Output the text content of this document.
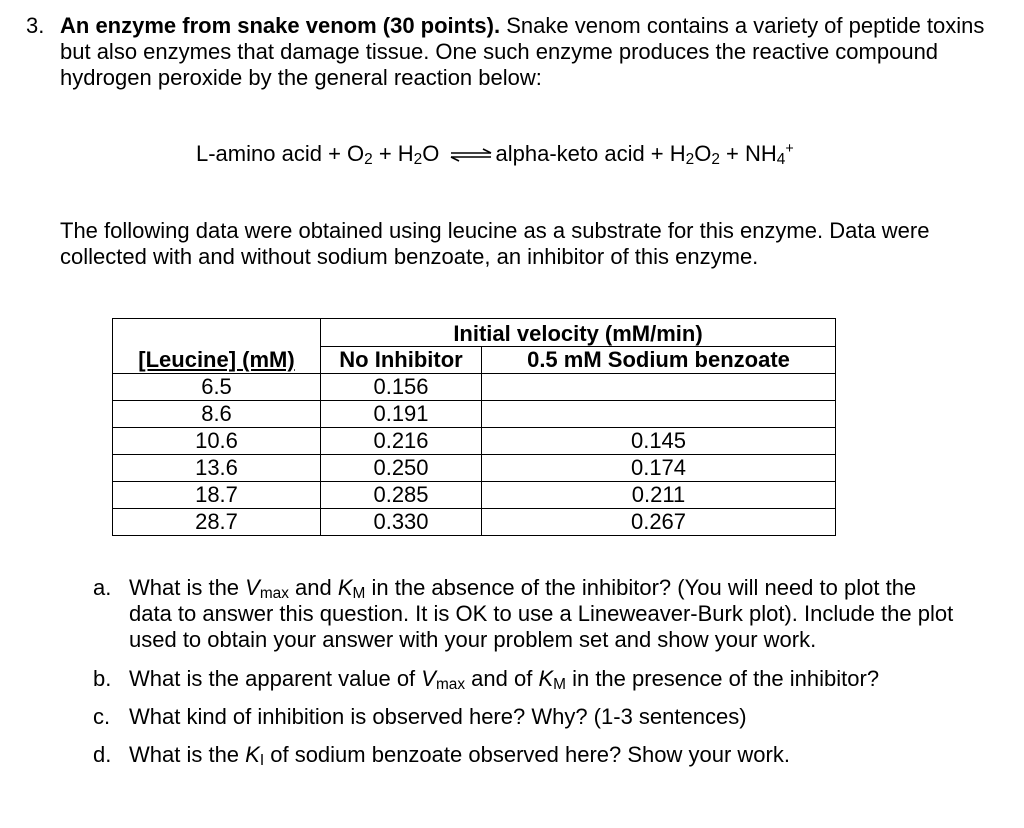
3. An enzyme from snake venom (30 points). Snake venom contains a variety of peptide toxins but also enzymes that damage tissue. One such enzyme produces the reactive compound hydrogen peroxide by the general reaction below:
L-amino acid + $O_2 + H_2O$ ⇌ alpha-keto acid + $H_2O_2 + NH_4^+$
The following data were obtained using leucine as a substrate for this enzyme. Data were collected with and without sodium benzoate, an inhibitor of this enzyme.
	Initial velocity (mM/min)	
[Leucine] (mM)	No Inhibitor	0.5 mM Sodium benzoate
6.5	0.156	
8.6	0.191	
10.6	0.216	0.145
13.6	0.250	0.174
18.7	0.285	0.211
28.7	0.330	0.267
a. What is the $V_{max}$ and $K_M$ in the absence of the inhibitor? (You will need to plot the data to answer this question. It is OK to use a Lineweaver-Burk plot). Include the plot used to obtain your answer with your problem set and show your work.
b. What is the apparent value of $V_{max}$ and of $K_M$ in the presence of the inhibitor?
c. What kind of inhibition is observed here? Why? (1-3 sentences)
d. What is the $K_I$ of sodium benzoate observed here? Show your work.
